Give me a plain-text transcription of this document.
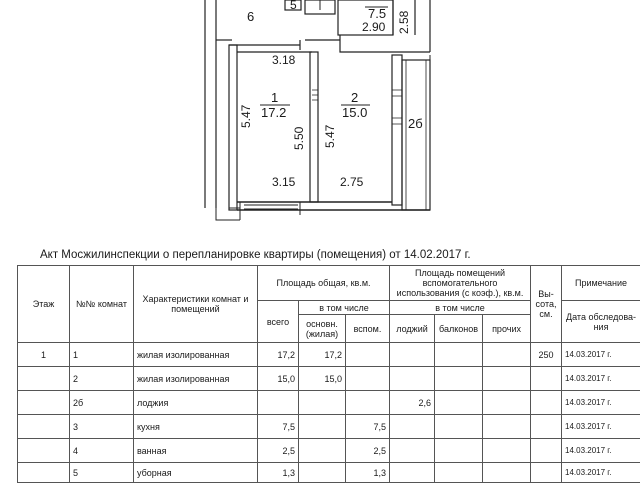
6
5
1
17.2
2
15.0
7.5
2б
3.18
5.47
5.50
3.15
5.47
2.75
2.90 2.58
Акт Мосжилинспекции о перепланировке квартиры (помещения) от 14.02.2017 г.
Этаж	№№ комнат	Характеристики комнат и помещений	Площадь общая, кв.м.			Площадь помещений вспомогательного использования (с коэф.), кв.м.			Вы- сота, см.	Примечание
			всего	в том числе		в том числе				Дата обследова- ния
				основн. (жилая)	вспом.	лоджий	балконов	прочих		
1	1	жилая изолированная	17,2	17,2					250	14.03.2017 г.
	2	жилая изолированная	15,0	15,0						14.03.2017 г.
	2б	лоджия				2,6				14.03.2017 г.
	3	кухня	7,5		7,5					14.03.2017 г.
	4	ванная	2,5		2,5					14.03.2017 г.
	5	уборная	1,3		1,3					14.03.2017 г.
